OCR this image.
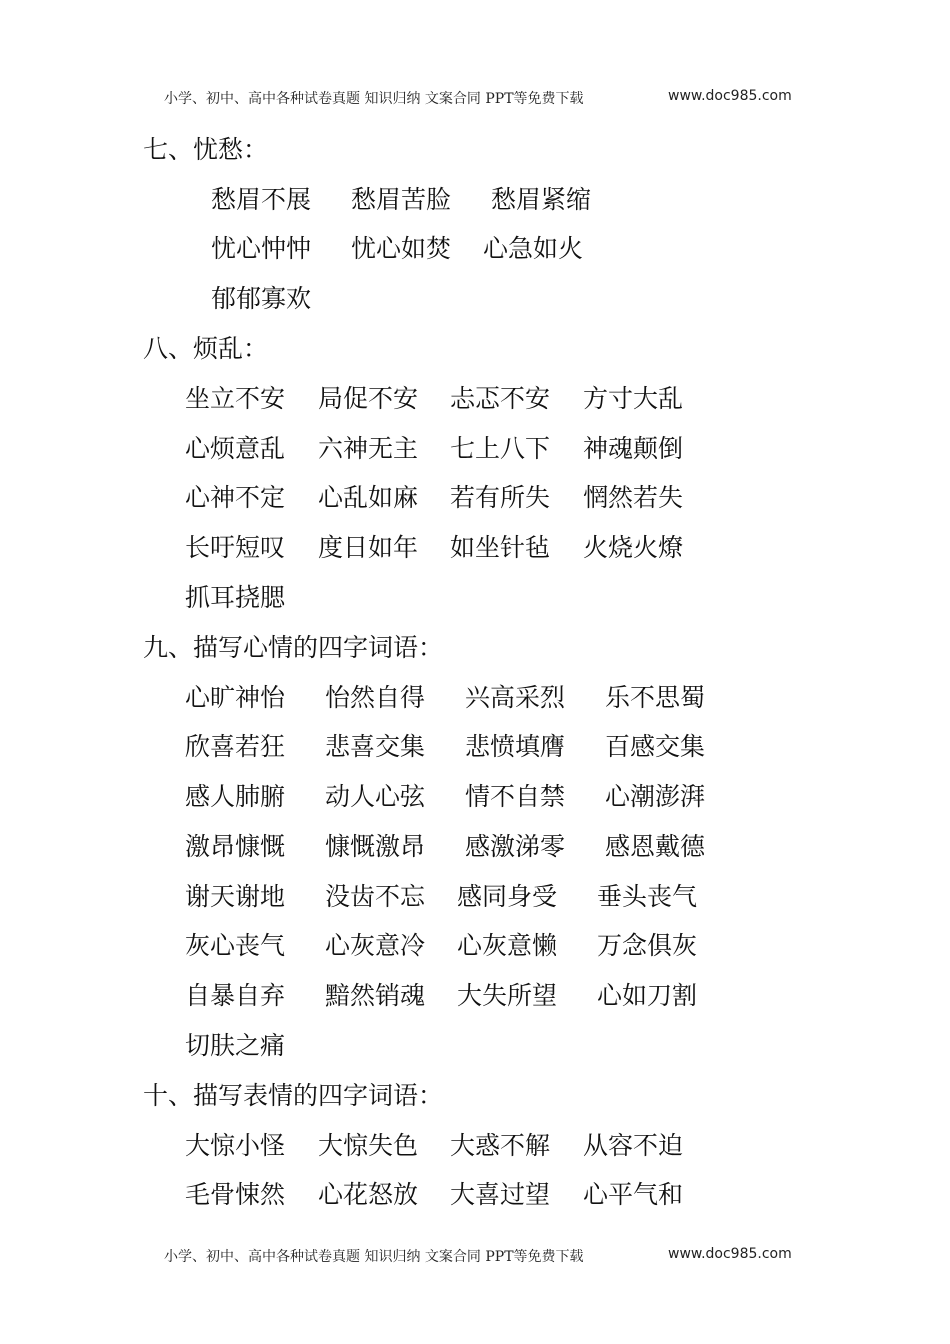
小学、初中、高中各种试卷真题 知识归纳 文案合同 PPT等免费下载	www.doc985.com
七、忧愁：
愁眉不展 愁眉苦脸 愁眉紧缩
忧心忡忡 忧心如焚 心急如火
郁郁寡欢
八、烦乱：
坐立不安 局促不安 忐忑不安 方寸大乱
心烦意乱 六神无主 七上八下 神魂颠倒
心神不定 心乱如麻 若有所失 惘然若失
长吁短叹 度日如年 如坐针毡 火烧火燎
抓耳挠腮
九、描写心情的四字词语：
心旷神怡 怡然自得 兴高采烈 乐不思蜀
欣喜若狂 悲喜交集 悲愤填膺 百感交集
感人肺腑 动人心弦 情不自禁 心潮澎湃
激昂慷慨 慷慨激昂 感激涕零 感恩戴德
谢天谢地 没齿不忘 感同身受 垂头丧气
灰心丧气 心灰意冷 心灰意懒 万念俱灰
自暴自弃 黯然销魂 大失所望 心如刀割
切肤之痛
十、描写表情的四字词语：
大惊小怪 大惊失色 大惑不解 从容不迫
毛骨悚然 心花怒放 大喜过望 心平气和
小学、初中、高中各种试卷真题 知识归纳 文案合同 PPT等免费下载	www.doc985.com
